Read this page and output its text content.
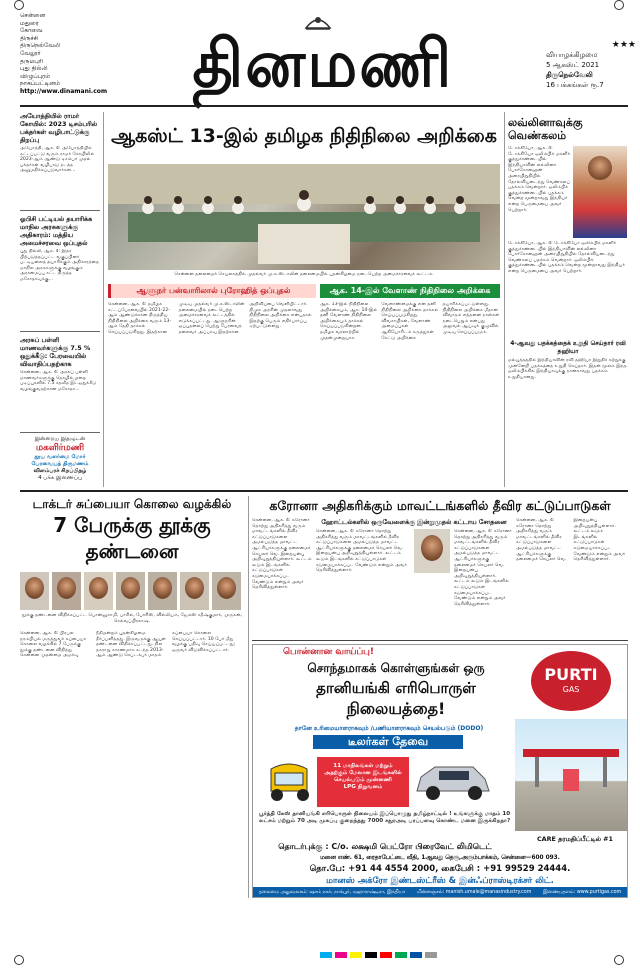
சென்னை
மதுரை
கோவை
திருச்சி
திருநெல்வேலி
வேலூர்
தருமபுரி
புது தில்லி
விழுப்புரம்
நாகப்பட்டினம்
http://www.dinamani.com தினமணி	★★★
வியாழக்கிழமை
5 ஆகஸ்ட் 2021
திருநெல்வேலி
16 பக்கங்கள் ரூ.7
அயோத்தியில் ராமர் கோயில்: 2023 டிசம்பரில் பக்தர்கள் வழிபாட்டுக்கு திறப்பு
அயோத்தி, ஆக. 4: அயோத்தியில் கட்டப்பட்டு வரும் ராமர் கோயிலில் 2023-ஆம் ஆண்டு டிசம்பர் முதல் பக்தர்கள் வழிபாடு நடத்த அனுமதிக்கப்படுவார்கள்...
ஓபிசி பட்டியல் தயாரிக்க மாநில அரசுகளுக்கு அதிகாரம்: மத்திய அமைச்சரவை ஒப்புதல்
புது தில்லி, ஆக. 4: இதர பிற்படுத்தப்பட்ட வகுப்பினர் பட்டியலைத் தயாரிக்கும் அதிகாரத்தை மாநில அரசுகளுக்கு வழங்கும் அரசமைப்பு சட்ட திருத்த மசோதாவுக்கு...
அரசுப் பள்ளி மாணவர்களுக்கு 7.5 % ஒதுக்கீடு: பேரவையில் விவாதிப்பதற்காக
சென்னை, ஆக. 4: அரசுப் பள்ளி மாணவர்களுக்கு தொழில்முறை படிப்புகளில் 7.5 சதவீத இடஒதுக்கீடு வழங்குவதற்கான மசோதா...
இன்றைய இதழுடன்
மகளிர்மணி
தூய வளர்மை மோர் பேரவையத் திருமணம்
விளம்பரச் சிறப்பிதழ்
4 பக்க இணைப்பு
ஆகஸ்ட் 13-இல் தமிழக நிதிநிலை அறிக்கை
சென்னை தலைமைச் செயலகத்தில் முதல்வர் மு.க.ஸ்டாலின் தலைமையில் புதன்கிழமை நடைபெற்ற அமைச்சரவைக் கூட்டம்.
ஆளுநர் பன்வாரிலால் புரோஹித் ஒப்புதல்	ஆக. 14-இல் வேளாண் நிதிநிலை அறிக்கை
சென்னை, ஆக. 4: தமிழக சட்டப்பேரவையில் 2021-22-ஆம் ஆண்டுக்கான திருத்திய நிதிநிலை அறிக்கை வரும் 13-ஆம் தேதி தாக்கல் செய்யப்படுகிறது. இதற்கான முடிவு முதல்வர் மு.க.ஸ்டாலின் தலைமையில் நடைபெற்ற அமைச்சரவைக் கூட்டத்தில் எடுக்கப்பட்டது. ஆளுநரின் ஒப்புதலைப் பெற்று பேரவைத் தலைவர் அப்பாவு இதற்கான அறிவிப்பை வெளியிட்டார். திமுக அரசின் முதலாவது நிதிநிலை அறிக்கை என்பதால் இதற்கு பெரும் எதிர்பார்ப்பு ஏற்பட்டுள்ளது.
ஆக. 13-இல் நிதிநிலை அறிக்கையும், ஆக. 14-இல் தனி வேளாண் நிதிநிலை அறிக்கையும் தாக்கல் செய்யப்படுகின்றன. தமிழக வரலாற்றில் முதன்முறையாக வேளாண்மைக்கு என தனி நிதிநிலை அறிக்கை தாக்கல் செய்யப்படுகிறது. விவசாயிகள், வேளாண் அமைப்புகள் ஆகியோரிடம் கருத்துகள் கேட்டு அறிக்கை தயாரிக்கப்பட்டுள்ளது. நிதிநிலை அறிக்கை மீதான விவாதம் எத்தனை நாள்கள் நடைபெறும் என்பது அலுவல் ஆய்வுக் குழுவில் முடிவு செய்யப்படும்.
லவ்லினாவுக்கு வெண்கலம்
டோக்கியோ, ஆக. 4: டோக்கியோ ஒலிம்பிக் மகளிர் குத்துச்சண்டையில் இந்தியாவின் லவ்லினா போர்கோஹைன் அரையிறுதியில் தோல்வியடைந்து வெண்கலப் பதக்கம் வென்றார். ஒலிம்பிக் குத்துச்சண்டையில் பதக்கம் வென்ற மூன்றாவது இந்தியர் என்ற பெருமையை அவர் பெற்றார்.
டோக்கியோ, ஆக. 4: டோக்கியோ ஒலிம்பிக் மகளிர் குத்துச்சண்டையில் இந்தியாவின் லவ்லினா போர்கோஹைன் அரையிறுதியில் தோல்வியடைந்து வெண்கலப் பதக்கம் வென்றார். ஒலிம்பிக் குத்துச்சண்டையில் பதக்கம் வென்ற மூன்றாவது இந்தியர் என்ற பெருமையை அவர் பெற்றார்.
4-ஆவது பதக்கத்தைக் உறுதி செய்தார் ரவி தஹியா
மல்யுத்தத்தில் இந்தியாவின் ரவி தஹியா இறுதிச் சுற்றுக்கு முன்னேறி பதக்கத்தை உறுதி செய்தார். இதன் மூலம் இந்த ஒலிம்பிக்கில் இந்தியாவுக்கு நான்காவது பதக்கம் உறுதியானது.
டாக்டர் சுப்பையா கொலை வழக்கில்
7 பேருக்கு தூக்கு தண்டனை
தூக்கு தண்டனை விதிக்கப்பட்ட பொன்னுசாமி, பாசில், போரிஸ், வில்லியம், ஜேம்ஸ் சதீஷ்குமார், முருகன், செல்வப்பிரகாஷ்.
சென்னை, ஆக. 4: பிரபல நரம்பியல் மருத்துவர் சுப்பையா கொலை வழக்கில் 7 பேருக்கு தூக்கு தண்டனை விதித்து சென்னை முதன்மை அமர்வு நீதிமன்றம் புதன்கிழமை தீர்ப்பளித்தது. இருவருக்கு ஆயுள் தண்டனை விதிக்கப்பட்டது. நில தகராறு காரணமாக கடந்த 2013-ஆம் ஆண்டு செப்டம்பர் மாதம் சுப்பையா கொலை செய்யப்பட்டார். 10 பேர் மீது வழக்கு பதிவு செய்யப்பட்டது; ஒருவர் விடுவிக்கப்பட்டார்.
கரோனா அதிகரிக்கும் மாவட்டங்களில் தீவிர கட்டுப்பாடுகள்
சென்னை, ஆக. 4: கரோனா தொற்று அதிகரித்து வரும் மாவட்டங்களில் தீவிர கட்டுப்பாடுகளை அமல்படுத்த மாவட்ட ஆட்சியர்களுக்கு தலைமைச் செயலர் வெ. இறையன்பு அறிவுறுத்தியுள்ளார். கூட்டம் கூடும் இடங்களில் கட்டுப்பாடுகள் கடுமையாக்கப்பட வேண்டும் என்றும் அவர் தெரிவித்துள்ளார்.
ஹோட்டல்களில் ஒருவேளைக்கு இன்றுமுதல் கட்டாய சோதனை
சென்னை, ஆக. 4: கரோனா தொற்று அதிகரித்து வரும் மாவட்டங்களில் தீவிர கட்டுப்பாடுகளை அமல்படுத்த மாவட்ட ஆட்சியர்களுக்கு தலைமைச் செயலர் வெ. இறையன்பு அறிவுறுத்தியுள்ளார். கூட்டம் கூடும் இடங்களில் கட்டுப்பாடுகள் கடுமையாக்கப்பட வேண்டும் என்றும் அவர் தெரிவித்துள்ளார்.
சென்னை, ஆக. 4: கரோனா தொற்று அதிகரித்து வரும் மாவட்டங்களில் தீவிர கட்டுப்பாடுகளை அமல்படுத்த மாவட்ட ஆட்சியர்களுக்கு தலைமைச் செயலர் வெ. இறையன்பு அறிவுறுத்தியுள்ளார். கூட்டம் கூடும் இடங்களில் கட்டுப்பாடுகள் கடுமையாக்கப்பட வேண்டும் என்றும் அவர் தெரிவித்துள்ளார்.
சென்னை, ஆக. 4: கரோனா தொற்று அதிகரித்து வரும் மாவட்டங்களில் தீவிர கட்டுப்பாடுகளை அமல்படுத்த மாவட்ட ஆட்சியர்களுக்கு தலைமைச் செயலர் வெ. இறையன்பு அறிவுறுத்தியுள்ளார். கூட்டம் கூடும் இடங்களில் கட்டுப்பாடுகள் கடுமையாக்கப்பட வேண்டும் என்றும் அவர் தெரிவித்துள்ளார்.
பொன்னான வாய்ப்பு!
சொந்தமாகக் கொள்ளுங்கள் ஒரு
தானியங்கி எரிபொருள்
நிலையத்தை!
PURTI
GAS
தானே உரிமையாளராகவும் /பணியாளராகவும் செயல்படும் (DODO)
டீலர்கள் தேவை
11 மாநிலங்கள் மற்றும்
அதற்கும் மேலான இடங்களில்
செயல்படும் முன்னணி
LPG நிறுவனம்
பூர்த்தி கேஸ் தானியங்கி எரிபொருள் நிலையம் இப்பொழுது தமிழ்நாட்டில் ! உங்களுக்கு மாதம் 10 லட்சம் மற்றும் 70 அடி முகப்பு குறைந்தது 7000 சதுரஅடி பரப்பளவு கொண்ட மனை இருக்கிறதா?
CARE தரமதிப்பீட்டில் #1
தொடர்புக்கு : C/o. லக்ஷமி பெட்ரோ பிரைவேட் லிமிடெட்
மனை எண். 61, ரைதாபேட்டை வீதி, 1ஆவது தெரு,அரும்பாக்கம், சென்னை—600 093.
தொ.பே: +91 44 4554 2000, கைபேசி : +91 99529 24444.
மானஸ் அக்ரோ இண்டஸ்ட்ரீஸ் & இன்ஃப்ராஸ்டிரக்சர் லிட்.
தலைமை அலுவலகம்: ஷாம் நகர், நாக்பூர், மஹாராஷ்டிரா, இந்தியா மின்னஞ்சல்: manish.umale@manasindustry.com இணையதளம்: www.purtigas.com
